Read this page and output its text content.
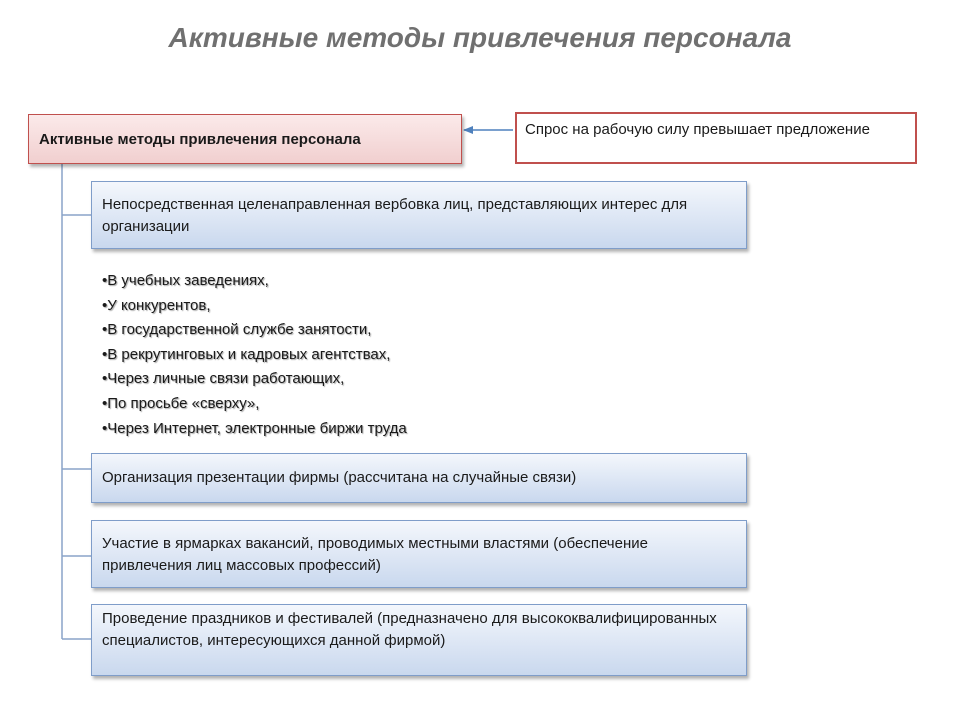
Активные методы привлечения персонала
Активные методы привлечения персонала
Спрос на рабочую силу превышает предложение
Непосредственная целенаправленная вербовка лиц, представляющих интерес для организации
•В учебных заведениях,
•У конкурентов,
•В государственной службе занятости,
•В рекрутинговых и кадровых агентствах,
•Через личные связи работающих,
•По просьбе «сверху»,
•Через Интернет, электронные биржи труда
Организация презентации фирмы (рассчитана на случайные связи)
Участие в ярмарках вакансий, проводимых местными властями (обеспечение привлечения лиц массовых профессий)
Проведение праздников и фестивалей (предназначено для высококвалифицированных специалистов, интересующихся данной фирмой)
